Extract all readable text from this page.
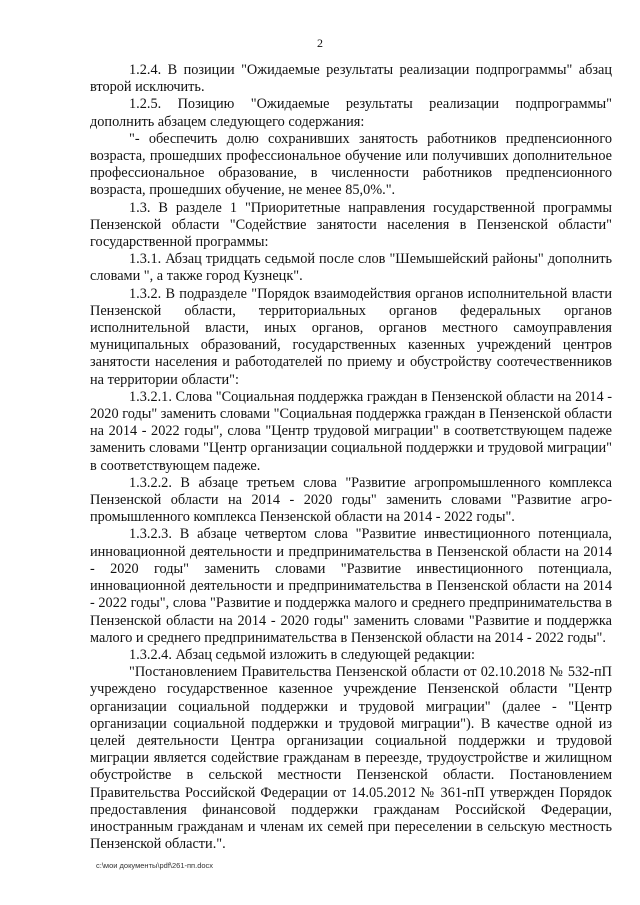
2

1.2.4. В позиции "Ожидаемые результаты реализации подпрограммы" абзац второй исключить.

1.2.5. Позицию "Ожидаемые результаты реализации подпрограммы" дополнить абзацем следующего содержания:

"- обеспечить долю сохранивших занятость работников предпенсионного возраста, прошедших профессиональное обучение или получивших дополнительное профессиональное образование, в численности работников предпенсионного возраста, прошедших обучение, не менее 85,0%.".

1.3. В разделе 1 "Приоритетные направления государственной программы Пензенской области "Содействие занятости населения в Пензенской области" государственной программы:

1.3.1. Абзац тридцать седьмой после слов "Шемышейский районы" дополнить словами ", а также город Кузнецк".

1.3.2. В подразделе "Порядок взаимодействия органов исполнительной власти Пензенской области, территориальных органов федеральных органов исполнительной власти, иных органов, органов местного самоуправления муниципальных образований, государственных казенных учреждений центров занятости населения и работодателей по приему и обустройству соотечественников на территории области":

1.3.2.1. Слова "Социальная поддержка граждан в Пензенской области на 2014 - 2020 годы" заменить словами "Социальная поддержка граждан в Пензенской области на 2014 - 2022 годы", слова "Центр трудовой миграции" в соответствующем падеже заменить словами "Центр организации социальной поддержки и трудовой миграции" в соответствующем падеже.

1.3.2.2. В абзаце третьем слова "Развитие агропромышленного комплекса Пензенской области на 2014 - 2020 годы" заменить словами "Развитие агропромышленного комплекса Пензенской области на 2014 - 2022 годы".

1.3.2.3. В абзаце четвертом слова "Развитие инвестиционного потенциала, инновационной деятельности и предпринимательства в Пензенской области на 2014 - 2020 годы" заменить словами "Развитие инвестиционного потенциала, инновационной деятельности и предпринимательства в Пензенской области на 2014 - 2022 годы", слова "Развитие и поддержка малого и среднего предпринимательства в Пензенской области на 2014 - 2020 годы" заменить словами "Развитие и поддержка малого и среднего предпринимательства в Пензенской области на 2014 - 2022 годы".

1.3.2.4. Абзац седьмой изложить в следующей редакции:

"Постановлением Правительства Пензенской области от 02.10.2018 № 532-пП учреждено государственное казенное учреждение Пензенской области "Центр организации социальной поддержки и трудовой миграции" (далее - "Центр организации социальной поддержки и трудовой миграции"). В качестве одной из целей деятельности Центра организации социальной поддержки и трудовой миграции является содействие гражданам в переезде, трудоустройстве и жилищном обустройстве в сельской местности Пензенской области. Постановлением Правительства Российской Федерации от 14.05.2012 № 361-пП утвержден Порядок предоставления финансовой поддержки гражданам Российской Федерации, иностранным гражданам и членам их семей при переселении в сельскую местность Пензенской области.".

c:\мои документы\pdf\261-пп.docx
